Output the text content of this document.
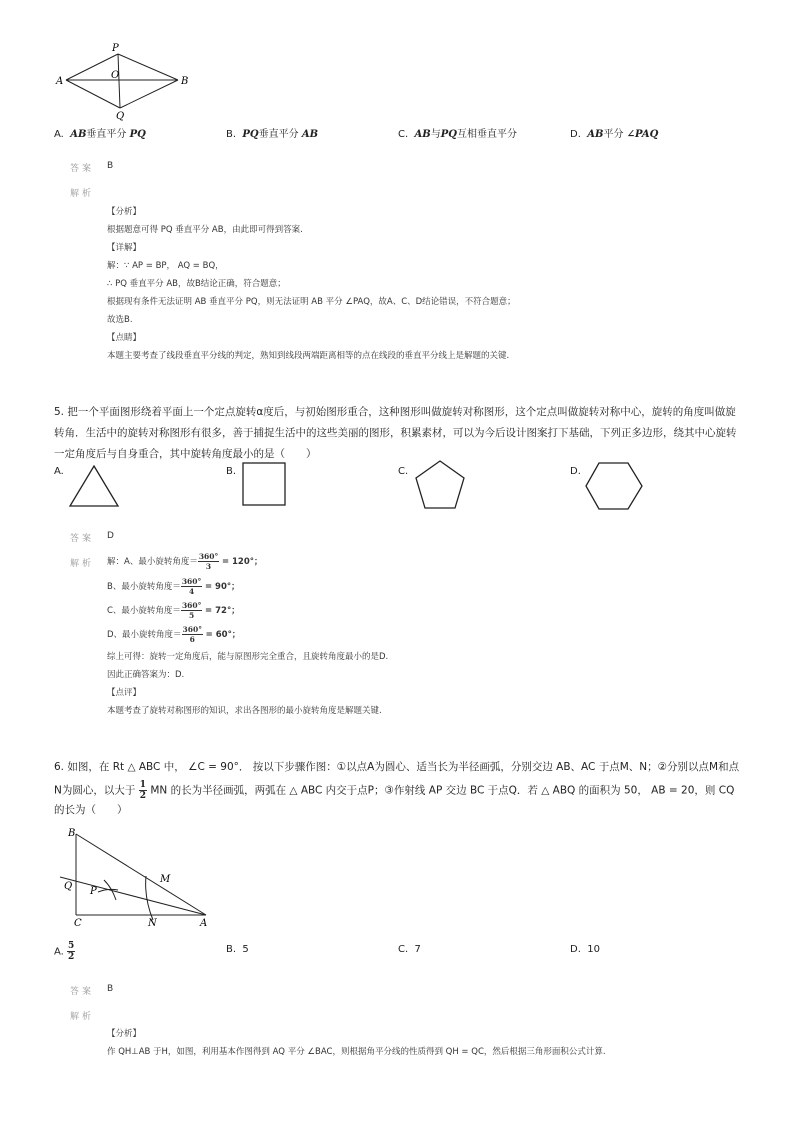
P
A
O
B
Q
A. AB垂直平分 PQ	B. PQ垂直平分 AB	C. AB与PQ互相垂直平分	D. AB平分 ∠PAQ
答案 B
解析
【分析】
根据题意可得 PQ 垂直平分 AB，由此即可得到答案.
【详解】
解：∵ AP = BP， AQ = BQ，
∴ PQ 垂直平分 AB，故B结论正确，符合题意；
根据现有条件无法证明 AB 垂直平分 PQ，则无法证明 AB 平分 ∠PAQ，故A、C、D结论错误，不符合题意；
故选B.
【点睛】
本题主要考查了线段垂直平分线的判定，熟知到线段两端距离相等的点在线段的垂直平分线上是解题的关键.
5. 把一个平面图形绕着平面上一个定点旋转α度后，与初始图形重合，这种图形叫做旋转对称图形，这个定点叫做旋转对称中心，旋转的角度叫做旋
转角．生活中的旋转对称图形有很多，善于捕捉生活中的这些美丽的图形，积累素材，可以为今后设计图案打下基础，下列正多边形，绕其中心旋转
一定角度后与自身重合，其中旋转角度最小的是（　　）
A.	B.	C.	D.
答案 D
解析 解：A、最小旋转角度＝ $\frac{360^\circ}{3} = 120^\circ$；
B、最小旋转角度＝ $\frac{360^\circ}{4} = 90^\circ$；
C、最小旋转角度＝ $\frac{360^\circ}{5} = 72^\circ$；
D、最小旋转角度＝ $\frac{360^\circ}{6} = 60^\circ$；
综上可得：旋转一定角度后，能与原图形完全重合，且旋转角度最小的是D.
因此正确答案为：D.
【点评】
本题考查了旋转对称图形的知识，求出各图形的最小旋转角度是解题关键.
6. 如图，在 Rt △ ABC 中， ∠C = 90°． 按以下步骤作图：①以点A为圆心、适当长为半径画弧，分别交边 AB、AC 于点M、N；②分别以点M和点
N为圆心，以大于 $\frac{1}{2}$ MN 的长为半径画弧，两弧在 △ ABC 内交于点P；③作射线 AP 交边 BC 于点Q．若 △ ABQ 的面积为 50， AB = 20，则 CQ
的长为（　　）
B
Q P
M
C	N	A
A. $\frac{5}{2}$	B. 5	C. 7	D. 10
答案 B
解析
【分析】
作 QH⊥AB 于H，如图，利用基本作图得到 AQ 平分 ∠BAC，则根据角平分线的性质得到 QH = QC，然后根据三角形面积公式计算.
